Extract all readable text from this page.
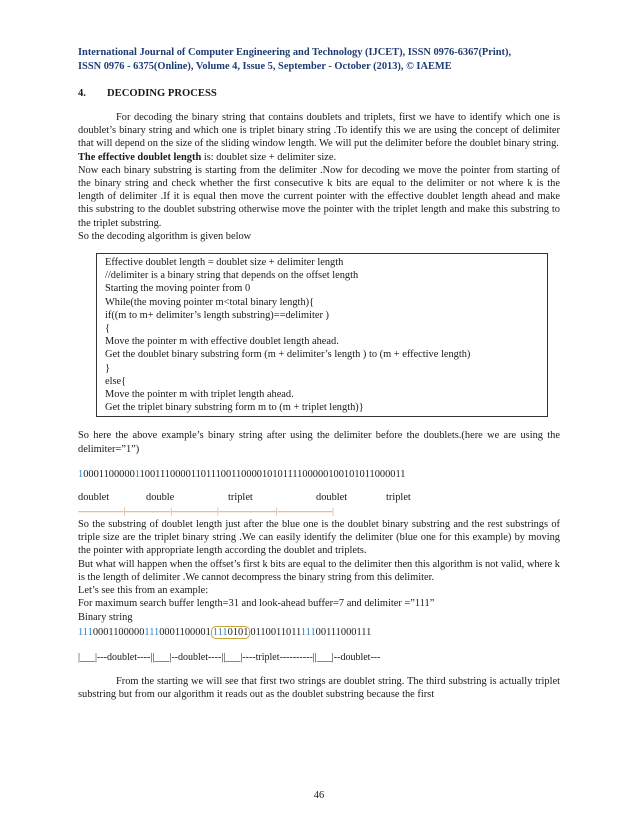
International Journal of Computer Engineering and Technology (IJCET), ISSN 0976-6367(Print),
ISSN 0976 - 6375(Online), Volume 4, Issue 5, September - October (2013), © IAEME
4. DECODING PROCESS

For decoding the binary string that contains doublets and triplets, first we have to identify which one is doublet’s binary string and which one is triplet binary string .To identify this we are using the concept of delimiter that will depend on the size of the sliding window length. We will put the delimiter before the doublet binary string.

The effective doublet length is: doublet size + delimiter size.

Now each binary substring is starting from the delimiter .Now for decoding we move the pointer from starting of the binary string and check whether the first consecutive k bits are equal to the delimiter or not where k is the length of delimiter .If it is equal then move the current pointer with the effective doublet length ahead and make this substring to the doublet substring otherwise move the pointer with the triplet length and make this substring to the triplet substring.

So the decoding algorithm is given below

Effective doublet length = doublet size + delimiter length
//delimiter is a binary string that depends on the offset length
Starting the moving pointer from 0
While(the moving pointer m<total binary length){
if((m to m+ delimiter’s length substring)==delimiter )
{
Move the pointer m with effective doublet length ahead.
Get the doublet binary substring form (m + delimiter’s length ) to (m + effective length)
}
else{
Move the pointer m with triplet length ahead.
Get the triplet binary substring form m to (m + triplet length)}

So here the above example’s binary string after using the delimiter before the doublets.(here we are using the delimiter=”1”)

1000110000011001110000110111001100001010111100000100101011000011
doublet	double	triplet	doublet	triplet
-------------------|-------------------|-------------------|------------------------|-----------------------|

So the substring of doublet length just after the blue one is the doublet binary substring and the rest substrings of triple size are the triplet binary string .We can easily identify the delimiter (blue one for this example) by moving the pointer with appropriate length according the doublet and triplets.

But what will happen when the offset’s first k bits are equal to the delimiter then this algorithm is not valid, where k is the length of delimiter .We cannot decompress the binary string from this delimiter.

Let’s see this from an example:

For maximum search buffer length=31 and look-ahead buffer=7 and delimiter =”111”

Binary string

11100011000001110001100001 1110101 011001101111100111000111
|___|---doublet----||___|--doublet----||___|----triplet----------||___|--doublet---

From the starting we will see that first two strings are doublet string. The third substring is actually triplet substring but from our algorithm it reads out as the doublet substring because the first

46
